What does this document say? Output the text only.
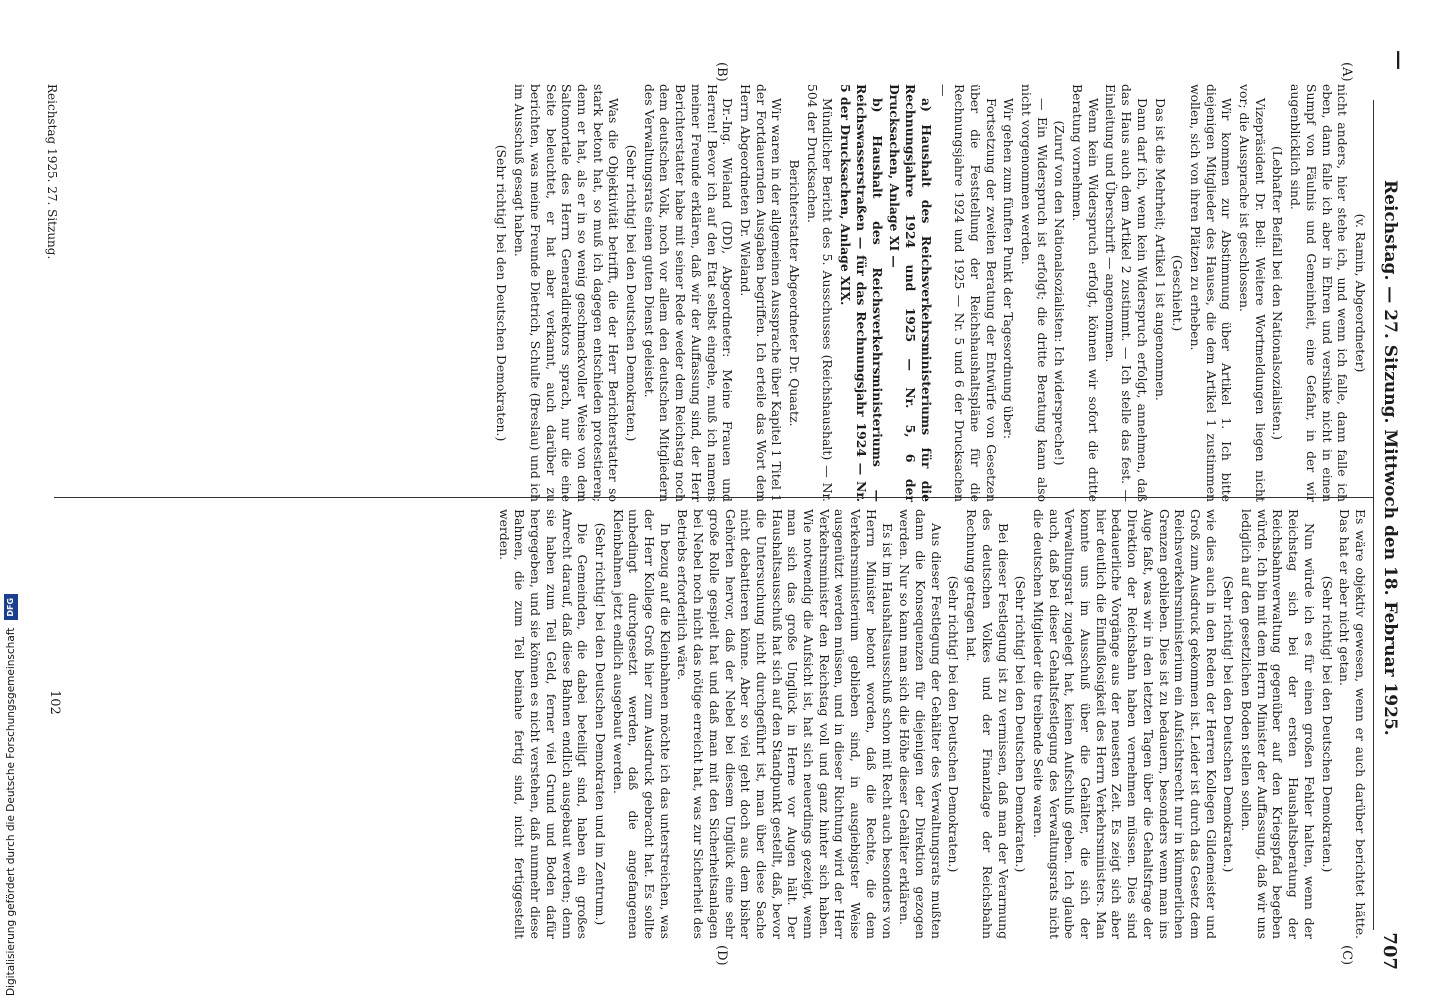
—
Reichstag. — 27. Sitzung. Mittwoch den 18. Februar 1925.
707
(A)
(B)
(C)
(D)

(v. Ramin, Abgeordneter)

nicht anders, hier stehe ich, und wenn ich falle, dann falle ich eben, dann falle ich aber in Ehren und versinke nicht in einen Sumpf von Fäulnis und Gemeinheit, eine Gefahr, in der wir augenblicklich sind.

(Lebhafter Beifall bei den Nationalsozialisten.)

Vizepräsident Dr. Bell: Weitere Wortmeldungen liegen nicht vor; die Aussprache ist geschlossen.

Wir kommen zur Abstimmung über Artikel 1. Ich bitte diejenigen Mitglieder des Hauses, die dem Artikel 1 zustimmen wollen, sich von ihren Plätzen zu erheben.

(Geschieht.)

Das ist die Mehrheit; Artikel 1 ist angenommen.

Dann darf ich, wenn kein Widerspruch erfolgt, annehmen, daß das Haus auch dem Artikel 2 zustimmt. — Ich stelle das fest. — Einleitung und Überschrift — angenommen.

Wenn kein Widerspruch erfolgt, können wir sofort die dritte Beratung vornehmen.

(Zuruf von den Nationalsozialisten: Ich widerspreche!)

— Ein Widerspruch ist erfolgt; die dritte Beratung kann also nicht vorgenommen werden.

Wir gehen zum fünften Punkt der Tagesordnung über:

Fortsetzung der zweiten Beratung der Entwürfe von Gesetzen über die Feststellung der Reichshaushaltspläne für die Rechnungsjahre 1924 und 1925 — Nr. 5 und 6 der Drucksachen —

a) Haushalt des Reichsverkehrsministeriums für die Rechnungsjahre 1924 und 1925 — Nr. 5, 6 der Drucksachen, Anlage XI —

b) Haushalt des Reichsverkehrsministeriums — Reichswasserstraßen — für das Rechnungsjahr 1924 — Nr. 5 der Drucksachen, Anlage XIX.

Mündlicher Bericht des 5. Ausschusses (Reichshaushalt) — Nr. 504 der Drucksachen.

Berichterstatter Abgeordneter Dr. Quaatz.

Wir waren in der allgemeinen Aussprache über Kapitel 1 Titel 1 der Fortdauernden Ausgaben begriffen. Ich erteile das Wort dem Herrn Abgeordneten Dr. Wieland.

Dr.-Ing. Wieland (DD), Abgeordneter: Meine Frauen und Herren! Bevor ich auf den Etat selbst eingehe, muß ich namens meiner Freunde erklären, daß wir der Auffassung sind, der Herr Berichterstatter habe mit seiner Rede weder dem Reichstag noch dem deutschen Volk, noch vor allem den deutschen Mitgliedern des Verwaltungsrats einen guten Dienst geleistet.

(Sehr richtig! bei den Deutschen Demokraten.)

Was die Objektivität betrifft, die der Herr Berichterstatter so stark betont hat, so muß ich dagegen entschieden protestieren; denn er hat, als er in so wenig geschmackvoller Weise von dem Saltomortale des Herrn Generaldirektors sprach, nur die eine Seite beleuchtet, er hat aber verkannt, auch darüber zu berichten, was meine Freunde Dietrich, Schulte (Breslau) und ich im Ausschuß gesagt haben.

(Sehr richtig! bei den Deutschen Demokraten.)

Es wäre objektiv gewesen, wenn er auch darüber berichtet hätte. Das hat er aber nicht getan.

(Sehr richtig! bei den Deutschen Demokraten.)

Nun würde ich es für einen großen Fehler halten, wenn der Reichstag sich bei der ersten Haushaltsberatung der Reichsbahnverwaltung gegenüber auf den Kriegspfad begeben würde. Ich bin mit dem Herrn Minister der Auffassung, daß wir uns lediglich auf den gesetzlichen Boden stellen sollen.

(Sehr richtig! bei den Deutschen Demokraten.)

wie dies auch in den Reden der Herren Kollegen Gildemeister und Groß zum Ausdruck gekommen ist. Leider ist durch das Gesetz dem Reichsverkehrsministerium ein Aufsichtsrecht nur in kümmerlichen Grenzen geblieben. Dies ist zu bedauern, besonders wenn man ins Auge faßt, was wir in den letzten Tagen über die Gehaltsfrage der Direktion der Reichsbahn haben vernehmen müssen. Dies sind bedauerliche Vorgänge aus der neuesten Zeit. Es zeigt sich aber hier deutlich die Einflußlosigkeit des Herrn Verkehrsministers. Man konnte uns im Ausschuß über die Gehälter, die sich der Verwaltungsrat zugelegt hat, keinen Aufschluß geben. Ich glaube auch, daß bei dieser Gehaltsfestlegung des Verwaltungsrats nicht die deutschen Mitglieder die treibende Seite waren.

(Sehr richtig! bei den Deutschen Demokraten.)

Bei dieser Festlegung ist zu vermissen, daß man der Verarmung des deutschen Volkes und der Finanzlage der Reichsbahn Rechnung getragen hat.

(Sehr richtig! bei den Deutschen Demokraten.)

Aus dieser Festlegung der Gehälter des Verwaltungsrats mußten dann die Konsequenzen für diejenigen der Direktion gezogen werden. Nur so kann man sich die Höhe dieser Gehälter erklären.

Es ist im Haushaltsausschuß schon mit Recht auch besonders von Herrn Minister betont worden, daß die Rechte, die dem Verkehrsministerium geblieben sind, in ausgiebigster Weise ausgenützt werden müssen, und in dieser Richtung wird der Herr Verkehrsminister den Reichstag voll und ganz hinter sich haben. Wie notwendig die Aufsicht ist, hat sich neuerdings gezeigt, wenn man sich das große Unglück in Herne vor Augen hält. Der Haushaltsausschuß hat sich auf den Standpunkt gestellt, daß, bevor die Untersuchung nicht durchgeführt ist, man über diese Sache nicht debattieren könne. Aber so viel geht doch aus dem bisher Gehörten hervor, daß der Nebel bei diesem Unglück eine sehr große Rolle gespielt hat und daß man mit den Sicherheitsanlagen bei Nebel noch nicht das nötige erreicht hat, was zur Sicherheit des Betriebs erforderlich wäre.

In bezug auf die Kleinbahnen möchte ich das unterstreichen, was der Herr Kollege Groß hier zum Ausdruck gebracht hat. Es sollte unbedingt durchgesetzt werden, daß die angefangenen Kleinbahnen jetzt endlich ausgebaut werden.

(Sehr richtig! bei den Deutschen Demokraten und im Zentrum.)

Die Gemeinden, die dabei beteiligt sind, haben ein großes Anrecht darauf, daß diese Bahnen endlich ausgebaut werden; denn sie haben zum Teil Geld, ferner viel Grund und Boden dafür hergegeben, und sie können es nicht verstehen, daß nunmehr diese Bahnen, die zum Teil beinahe fertig sind, nicht fertiggestellt werden.

Reichstag 1925. 27. Sitzung.
102
Digitalisierung gefördert durch die Deutsche Forschungsgemeinschaft DFG
